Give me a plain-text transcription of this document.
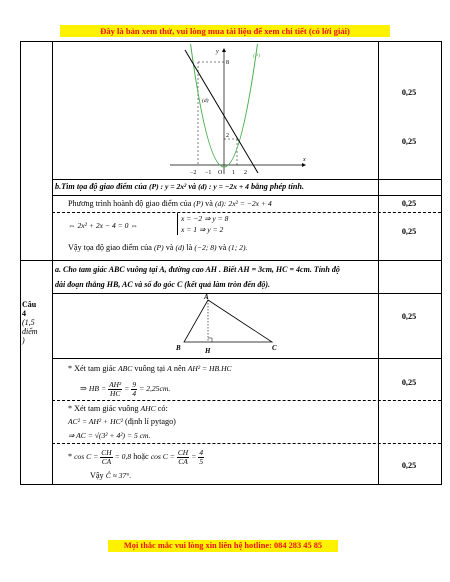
Đây là bản xem thử, vui lòng mua tài liệu để xem chi tiết (có lời giải)
Mọi thắc mắc vui lòng xin liên hệ hotline: 084 283 45 85
y
x
(P)
(d)
8
2
−2 −1 O 1 2
0,25
0,25
0,25
0,25
0,25
0,25
0,25
b.Tìm tọa độ giao điểm của (P) : y = 2x² và (d) : y = −2x + 4 bằng phép tính.
Phương trình hoành độ giao điểm của (P) và (d): 2x² = −2x + 4
⇔ 2x² + 2x − 4 = 0 ⇔
x = −2 ⇒ y = 8
x = 1 ⇒ y = 2
Vậy tọa độ giao điểm của (P) và (d) là (−2; 8) và (1; 2).
Câu
4
(1,5
điểm
)
a. Cho tam giác ABC vuông tại A, đường cao AH . Biết AH = 3cm, HC = 4cm. Tính độ
dài đoạn thẳng HB, AC và số đo góc C (kết quả làm tròn đến độ).
A
B	H	C
* Xét tam giác ABC vuông tại A nên AH² = HB.HC
⇒ HB = $\frac{\text{AH²}}{HC} = \frac{9}{4} = 2,25cm$.
* Xét tam giác vuông AHC có:
AC² = AH² + HC² (định lí pytago)
⇒ AC = √(3² + 4²) = 5 cm.
* $\cos C = \frac{CH}{CA} = 0,8$ hoặc $\cos C = \frac{CH}{CA} = \frac{4}{5}$
Vậy Ĉ ≈ 37°.
